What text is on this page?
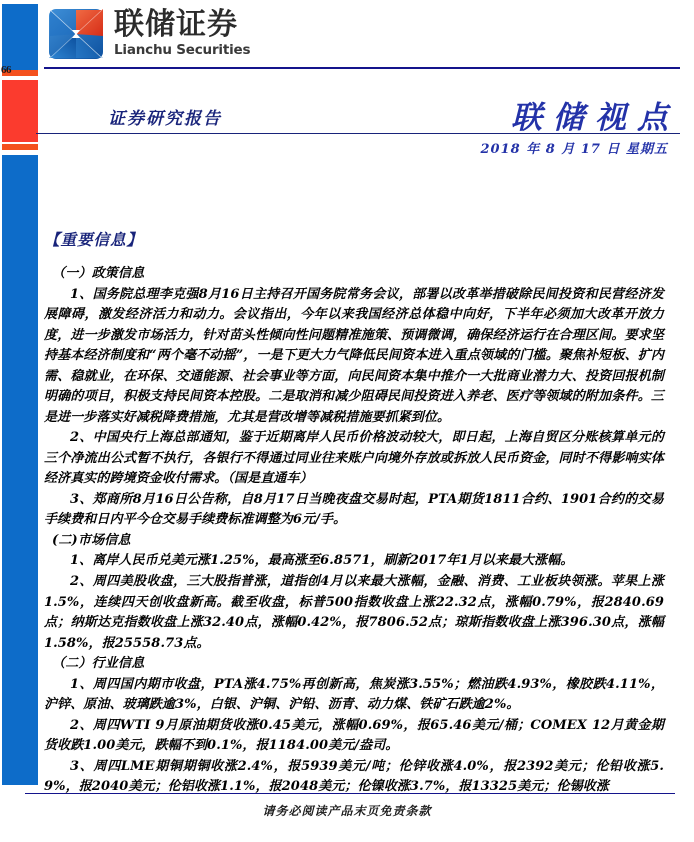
66
联储证券
Lianchu Securities
证券研究报告	联储视点
2018 年 8 月 17 日 星期五

【重要信息】

（一）政策信息

1、国务院总理李克强8月16日主持召开国务院常务会议，部署以改革举措破除民间投资和民营经济发展障碍，激发经济活力和动力。会议指出，今年以来我国经济总体稳中向好，下半年必须加大改革开放力度，进一步激发市场活力，针对苗头性倾向性问题精准施策、预调微调，确保经济运行在合理区间。要求坚持基本经济制度和“两个毫不动摇”，一是下更大力气降低民间资本进入重点领域的门槛。聚焦补短板、扩内需、稳就业，在环保、交通能源、社会事业等方面，向民间资本集中推介一大批商业潜力大、投资回报机制明确的项目，积极支持民间资本控股。二是取消和减少阻碍民间投资进入养老、医疗等领域的附加条件。三是进一步落实好减税降费措施，尤其是营改增等减税措施要抓紧到位。

2、中国央行上海总部通知，鉴于近期离岸人民币价格波动较大，即日起，上海自贸区分账核算单元的三个净流出公式暂不执行，各银行不得通过同业往来账户向境外存放或拆放人民币资金，同时不得影响实体经济真实的跨境资金收付需求。（国是直通车）

3、郑商所8月16日公告称，自8月17日当晚夜盘交易时起，PTA期货1811合约、1901合约的交易手续费和日内平今仓交易手续费标准调整为6元/手。

(二)市场信息

1、离岸人民币兑美元涨1.25%，最高涨至6.8571，刷新2017年1月以来最大涨幅。

2、周四美股收盘，三大股指普涨，道指创4月以来最大涨幅，金融、消费、工业板块领涨。苹果上涨1.5%，连续四天创收盘新高。截至收盘，标普500指数收盘上涨22.32点，涨幅0.79%，报2840.69点；纳斯达克指数收盘上涨32.40点，涨幅0.42%，报7806.52点；琼斯指数收盘上涨396.30点，涨幅1.58%，报25558.73点。

（二）行业信息

1、周四国内期市收盘，PTA涨4.75%再创新高，焦炭涨3.55%；燃油跌4.93%，橡胶跌4.11%，沪锌、原油、玻璃跌逾3%，白银、沪铜、沪铅、沥青、动力煤、铁矿石跌逾2%。

2、周四WTI 9月原油期货收涨0.45美元，涨幅0.69%，报65.46美元/桶；COMEX 12月黄金期货收跌1.00美元，跌幅不到0.1%，报1184.00美元/盎司。

3、周四LME期铜期铜收涨2.4%，报5939美元/吨；伦锌收涨4.0%，报2392美元；伦铅收涨5.9%，报2040美元；伦铝收涨1.1%，报2048美元；伦镍收涨3.7%，报13325美元；伦锡收涨

请务必阅读产品末页免责条款
